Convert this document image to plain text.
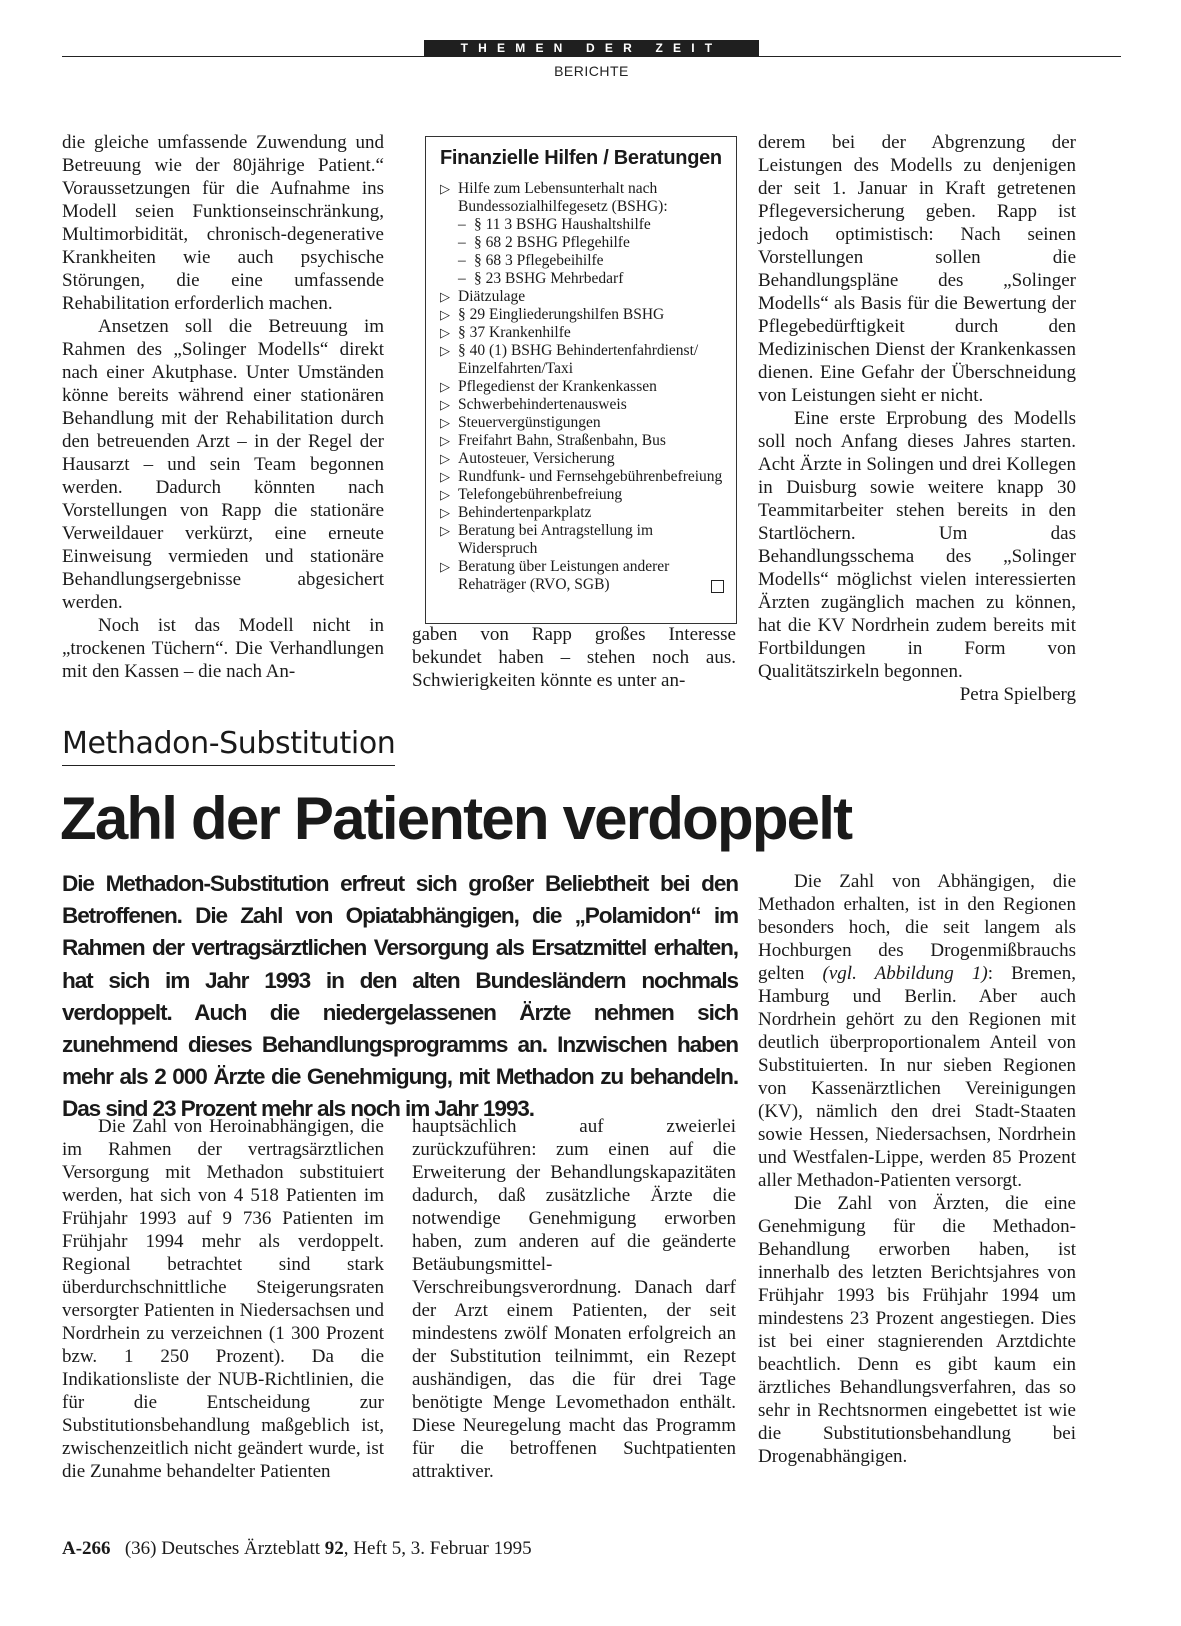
THEMEN DER ZEIT
BERICHTE

die gleiche umfassende Zuwendung und Betreuung wie der 80jährige Patient.“ Voraussetzungen für die Aufnahme ins Modell seien Funktionseinschränkung, Multimorbidität, chronisch-degenerative Krankheiten wie auch psychische Störungen, die eine umfassende Rehabilitation erforderlich machen.

Ansetzen soll die Betreuung im Rahmen des „Solinger Modells“ direkt nach einer Akutphase. Unter Umständen könne bereits während einer stationären Behandlung mit der Rehabilitation durch den betreuenden Arzt – in der Regel der Hausarzt – und sein Team begonnen werden. Dadurch könnten nach Vorstellungen von Rapp die stationäre Verweildauer verkürzt, eine erneute Einweisung vermieden und stationäre Behandlungsergebnisse abgesichert werden.

Noch ist das Modell nicht in „trockenen Tüchern“. Die Verhandlungen mit den Kassen – die nach An-

Finanzielle Hilfen / Beratungen
▷ Hilfe zum Lebensunterhalt nach Bundessozialhilfegesetz (BSHG):
– § 11 3 BSHG Haushaltshilfe
– § 68 2 BSHG Pflegehilfe
– § 68 3 Pflegebeihilfe
– § 23 BSHG Mehrbedarf
▷ Diätzulage
▷ § 29 Eingliederungshilfen BSHG
▷ § 37 Krankenhilfe
▷ § 40 (1) BSHG Behindertenfahrdienst/ Einzelfahrten/Taxi
▷ Pflegedienst der Krankenkassen
▷ Schwerbehindertenausweis
▷ Steuervergünstigungen
▷ Freifahrt Bahn, Straßenbahn, Bus
▷ Autosteuer, Versicherung
▷ Rundfunk- und Fernsehgebührenbefreiung
▷ Telefongebührenbefreiung
▷ Behindertenparkplatz
▷ Beratung bei Antragstellung im Widerspruch
▷ Beratung über Leistungen anderer Rehaträger (RVO, SGB)

gaben von Rapp großes Interesse bekundet haben – stehen noch aus. Schwierigkeiten könnte es unter an-

derem bei der Abgrenzung der Leistungen des Modells zu denjenigen der seit 1. Januar in Kraft getretenen Pflegeversicherung geben. Rapp ist jedoch optimistisch: Nach seinen Vorstellungen sollen die Behandlungspläne des „Solinger Modells“ als Basis für die Bewertung der Pflegebedürftigkeit durch den Medizinischen Dienst der Krankenkassen dienen. Eine Gefahr der Überschneidung von Leistungen sieht er nicht.

Eine erste Erprobung des Modells soll noch Anfang dieses Jahres starten. Acht Ärzte in Solingen und drei Kollegen in Duisburg sowie weitere knapp 30 Teammitarbeiter stehen bereits in den Startlöchern. Um das Behandlungsschema des „Solinger Modells“ möglichst vielen interessierten Ärzten zugänglich machen zu können, hat die KV Nordrhein zudem bereits mit Fortbildungen in Form von Qualitätszirkeln begonnen.

Petra Spielberg

Methadon-Substitution
Zahl der Patienten verdoppelt

Die Methadon-Substitution erfreut sich großer Beliebtheit bei den Betroffenen. Die Zahl von Opiatabhängigen, die „Polamidon“ im Rahmen der vertragsärztlichen Versorgung als Ersatzmittel erhalten, hat sich im Jahr 1993 in den alten Bundesländern nochmals verdoppelt. Auch die niedergelassenen Ärzte nehmen sich zunehmend dieses Behandlungsprogramms an. Inzwischen haben mehr als 2 000 Ärzte die Genehmigung, mit Methadon zu behandeln. Das sind 23 Prozent mehr als noch im Jahr 1993.

Die Zahl von Heroinabhängigen, die im Rahmen der vertragsärztlichen Versorgung mit Methadon substituiert werden, hat sich von 4 518 Patienten im Frühjahr 1993 auf 9 736 Patienten im Frühjahr 1994 mehr als verdoppelt. Regional betrachtet sind stark überdurchschnittliche Steigerungsraten versorgter Patienten in Niedersachsen und Nordrhein zu verzeichnen (1 300 Prozent bzw. 1 250 Prozent). Da die Indikationsliste der NUB-Richtlinien, die für die Entscheidung zur Substitutionsbehandlung maßgeblich ist, zwischenzeitlich nicht geändert wurde, ist die Zunahme behandelter Patienten

hauptsächlich auf zweierlei zurückzuführen: zum einen auf die Erweiterung der Behandlungskapazitäten dadurch, daß zusätzliche Ärzte die notwendige Genehmigung erworben haben, zum anderen auf die geänderte Betäubungsmittel-Verschreibungsverordnung. Danach darf der Arzt einem Patienten, der seit mindestens zwölf Monaten erfolgreich an der Substitution teilnimmt, ein Rezept aushändigen, das die für drei Tage benötigte Menge Levomethadon enthält. Diese Neuregelung macht das Programm für die betroffenen Suchtpatienten attraktiver.

Die Zahl von Abhängigen, die Methadon erhalten, ist in den Regionen besonders hoch, die seit langem als Hochburgen des Drogenmißbrauchs gelten (vgl. Abbildung 1): Bremen, Hamburg und Berlin. Aber auch Nordrhein gehört zu den Regionen mit deutlich überproportionalem Anteil von Substituierten. In nur sieben Regionen von Kassenärztlichen Vereinigungen (KV), nämlich den drei Stadt-Staaten sowie Hessen, Niedersachsen, Nordrhein und Westfalen-Lippe, werden 85 Prozent aller Methadon-Patienten versorgt.

Die Zahl von Ärzten, die eine Genehmigung für die Methadon-Behandlung erworben haben, ist innerhalb des letzten Berichtsjahres von Frühjahr 1993 bis Frühjahr 1994 um mindestens 23 Prozent angestiegen. Dies ist bei einer stagnierenden Arztdichte beachtlich. Denn es gibt kaum ein ärztliches Behandlungsverfahren, das so sehr in Rechtsnormen eingebettet ist wie die Substitutionsbehandlung bei Drogenabhängigen.

A-266 (36) Deutsches Ärzteblatt 92, Heft 5, 3. Februar 1995
